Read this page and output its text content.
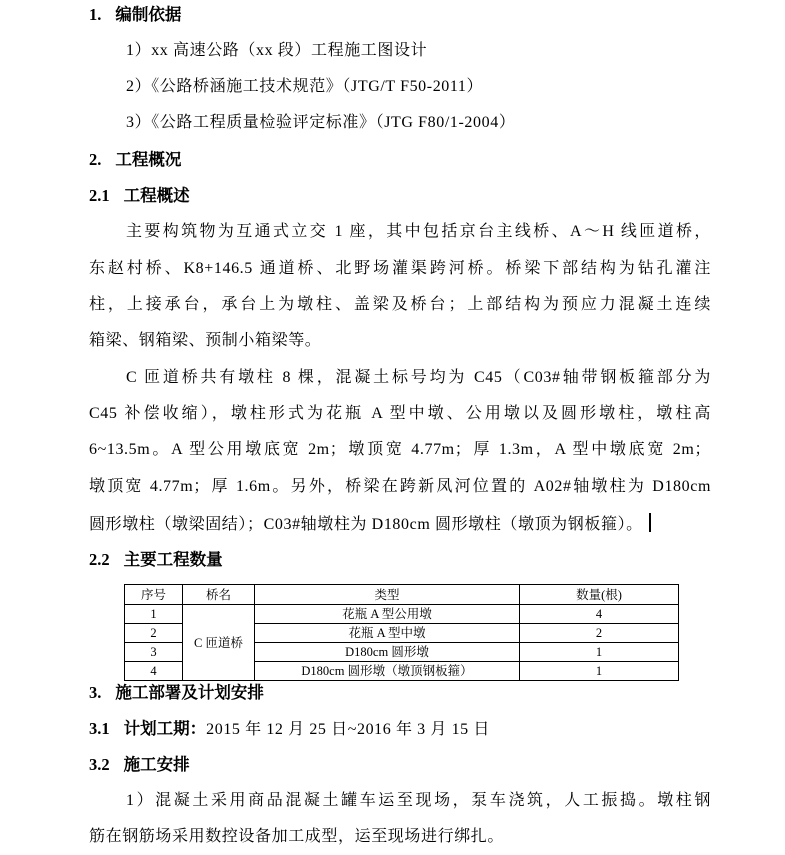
1. 编制依据
1）xx 高速公路（xx 段）工程施工图设计
2）《公路桥涵施工技术规范》（JTG/T F50-2011）
3）《公路工程质量检验评定标准》（JTG F80/1-2004）
2. 工程概况
2.1 工程概述
主要构筑物为互通式立交 1 座，其中包括京台主线桥、A～H 线匝道桥，
东赵村桥、K8+146.5 通道桥、北野场灌渠跨河桥。桥梁下部结构为钻孔灌注
柱，上接承台，承台上为墩柱、盖梁及桥台；上部结构为预应力混凝土连续
箱梁、钢箱梁、预制小箱梁等。
C 匝道桥共有墩柱 8 棵，混凝土标号均为 C45（C03#轴带钢板箍部分为
C45 补偿收缩），墩柱形式为花瓶 A 型中墩、公用墩以及圆形墩柱，墩柱高
6~13.5m。A 型公用墩底宽 2m；墩顶宽 4.77m；厚 1.3m，A 型中墩底宽 2m；
墩顶宽 4.77m；厚 1.6m。另外，桥梁在跨新凤河位置的 A02#轴墩柱为 D180cm
圆形墩柱（墩梁固结）；C03#轴墩柱为 D180cm 圆形墩柱（墩顶为钢板箍）。
2.2 主要工程数量
序号	桥名	类型	数量(根)
1	C 匝道桥	花瓶 A 型公用墩	4
2		花瓶 A 型中墩	2
3		D180cm 圆形墩	1
4		D180cm 圆形墩（墩顶钢板箍）	1
3. 施工部署及计划安排
3.1 计划工期：2015 年 12 月 25 日~2016 年 3 月 15 日
3.2 施工安排
1）混凝土采用商品混凝土罐车运至现场，泵车浇筑，人工振捣。墩柱钢
筋在钢筋场采用数控设备加工成型，运至现场进行绑扎。
